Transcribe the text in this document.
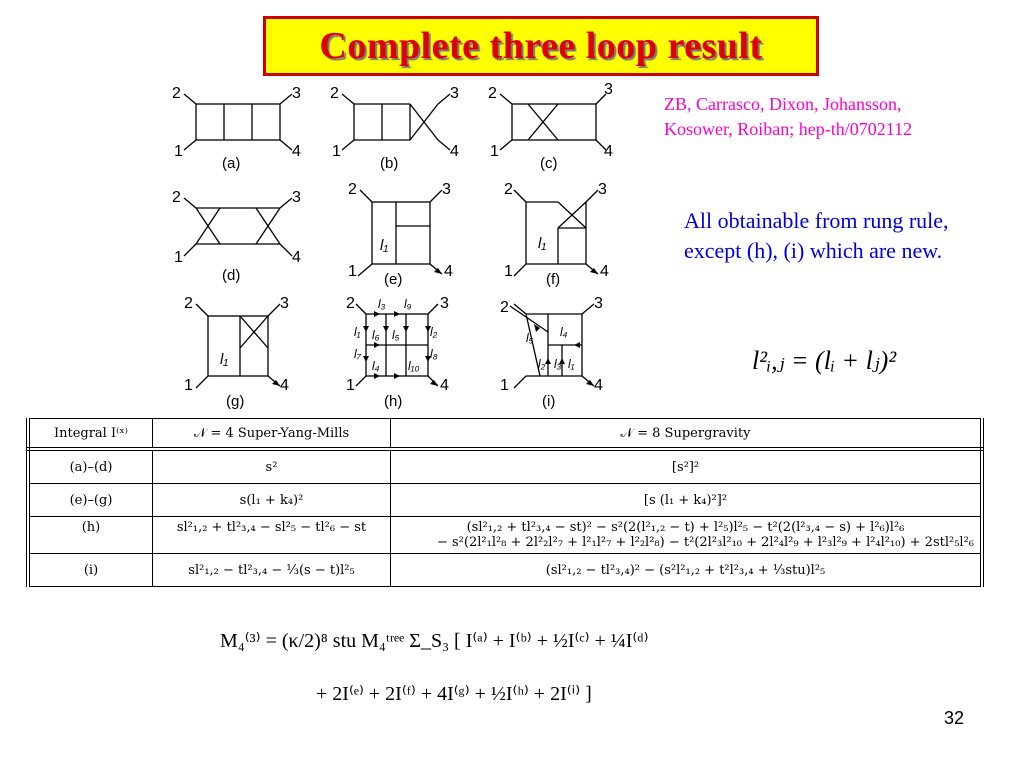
Complete three loop result
ZB, Carrasco, Dixon, Johansson,
Kosower, Roiban; hep-th/0702112
All obtainable from rung rule, except (h), (i) which are new.
l²ᵢ,ⱼ = (lᵢ + lⱼ)²
2	3
1	4
(a)
2	3
1	4
(b)
2	3
1	4
(c)
2	3
1	4
(d)
2	3
1	4
l₁
(e)
2	3
1	4
l₁
(f)
2	3
1	4
l₁
(g)
2	3
1	4
l₃ l₉
l₁	l₂
l₆ l₅
l₇	l₈
l₄ l₁₀
(h)
2	3
1	4
l₅ l₄
l₂ l₃ l₁
(i)
Integral I⁽ˣ⁾	𝒩 = 4 Super-Yang-Mills	𝒩 = 8 Supergravity
(a)–(d)	s²	[s²]²
(e)–(g)	s(l₁ + k₄)²	[s (l₁ + k₄)²]²
(h)	sl²₁,₂ + tl²₃,₄ − sl²₅ − tl²₆ − st	(sl²₁,₂ + tl²₃,₄ − st)² − s²(2(l²₁,₂ − t) + l²₅)l²₅ − t²(2(l²₃,₄ − s) + l²₆)l²₆
− s²(2l²₁l²₈ + 2l²₂l²₇ + l²₁l²₇ + l²₂l²₈) − t²(2l²₃l²₁₀ + 2l²₄l²₉ + l²₃l²₉ + l²₄l²₁₀) + 2stl²₅l²₆

(i)	sl²₁,₂ − tl²₃,₄ − ⅓(s − t)l²₅	(sl²₁,₂ − tl²₃,₄)² − (s²l²₁,₂ + t²l²₃,₄ + ⅓stu)l²₅
M₄⁽³⁾ = (κ/2)⁸ stu M₄ᵗʳᵉᵉ Σ_S₃ [ I⁽ᵃ⁾ + I⁽ᵇ⁾ + ½I⁽ᶜ⁾ + ¼I⁽ᵈ⁾
+ 2I⁽ᵉ⁾ + 2I⁽ᶠ⁾ + 4I⁽ᵍ⁾ + ½I⁽ʰ⁾ + 2I⁽ⁱ⁾ ]
32
